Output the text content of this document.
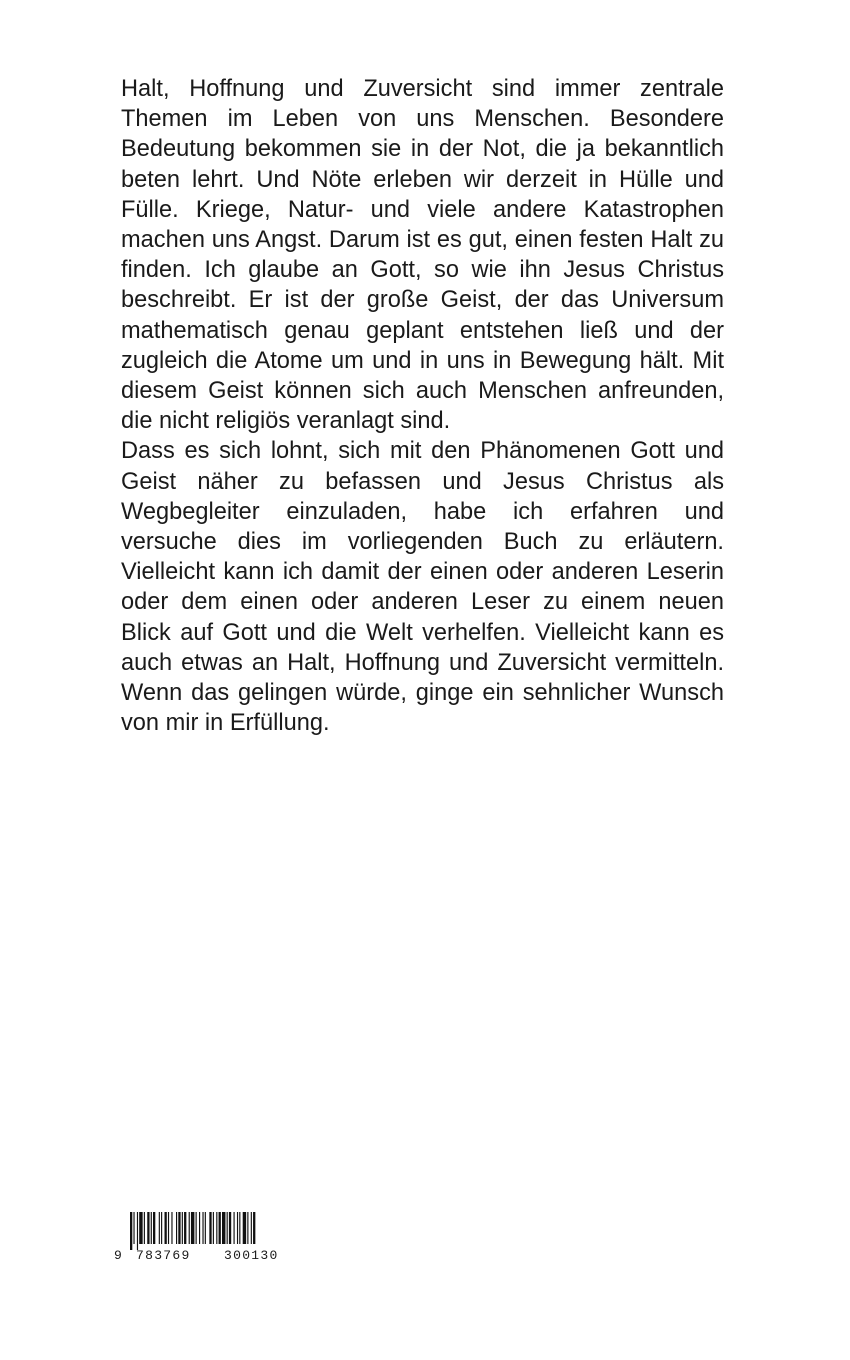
Halt, Hoffnung und Zuversicht sind immer zentrale Themen im Leben von uns Menschen. Besondere Bedeutung bekommen sie in der Not, die ja bekanntlich beten lehrt. Und Nöte erleben wir derzeit in Hülle und Fülle. Kriege, Natur- und viele andere Katastrophen machen uns Angst. Darum ist es gut, einen festen Halt zu finden. Ich glaube an Gott, so wie ihn Jesus Christus beschreibt. Er ist der große Geist, der das Universum mathematisch genau geplant entstehen ließ und der zugleich die Atome um und in uns in Bewegung hält. Mit diesem Geist können sich auch Menschen anfreunden, die nicht religiös veranlagt sind.

Dass es sich lohnt, sich mit den Phänomenen Gott und Geist näher zu befassen und Jesus Christus als Wegbegleiter einzuladen, habe ich erfahren und versuche dies im vorliegenden Buch zu erläutern. Vielleicht kann ich damit der einen oder anderen Leserin oder dem einen oder anderen Leser zu einem neuen Blick auf Gott und die Welt verhelfen. Vielleicht kann es auch etwas an Halt, Hoffnung und Zuversicht vermitteln. Wenn das gelingen würde, ginge ein sehnlicher Wunsch von mir in Erfüllung.

9 783769	300130
